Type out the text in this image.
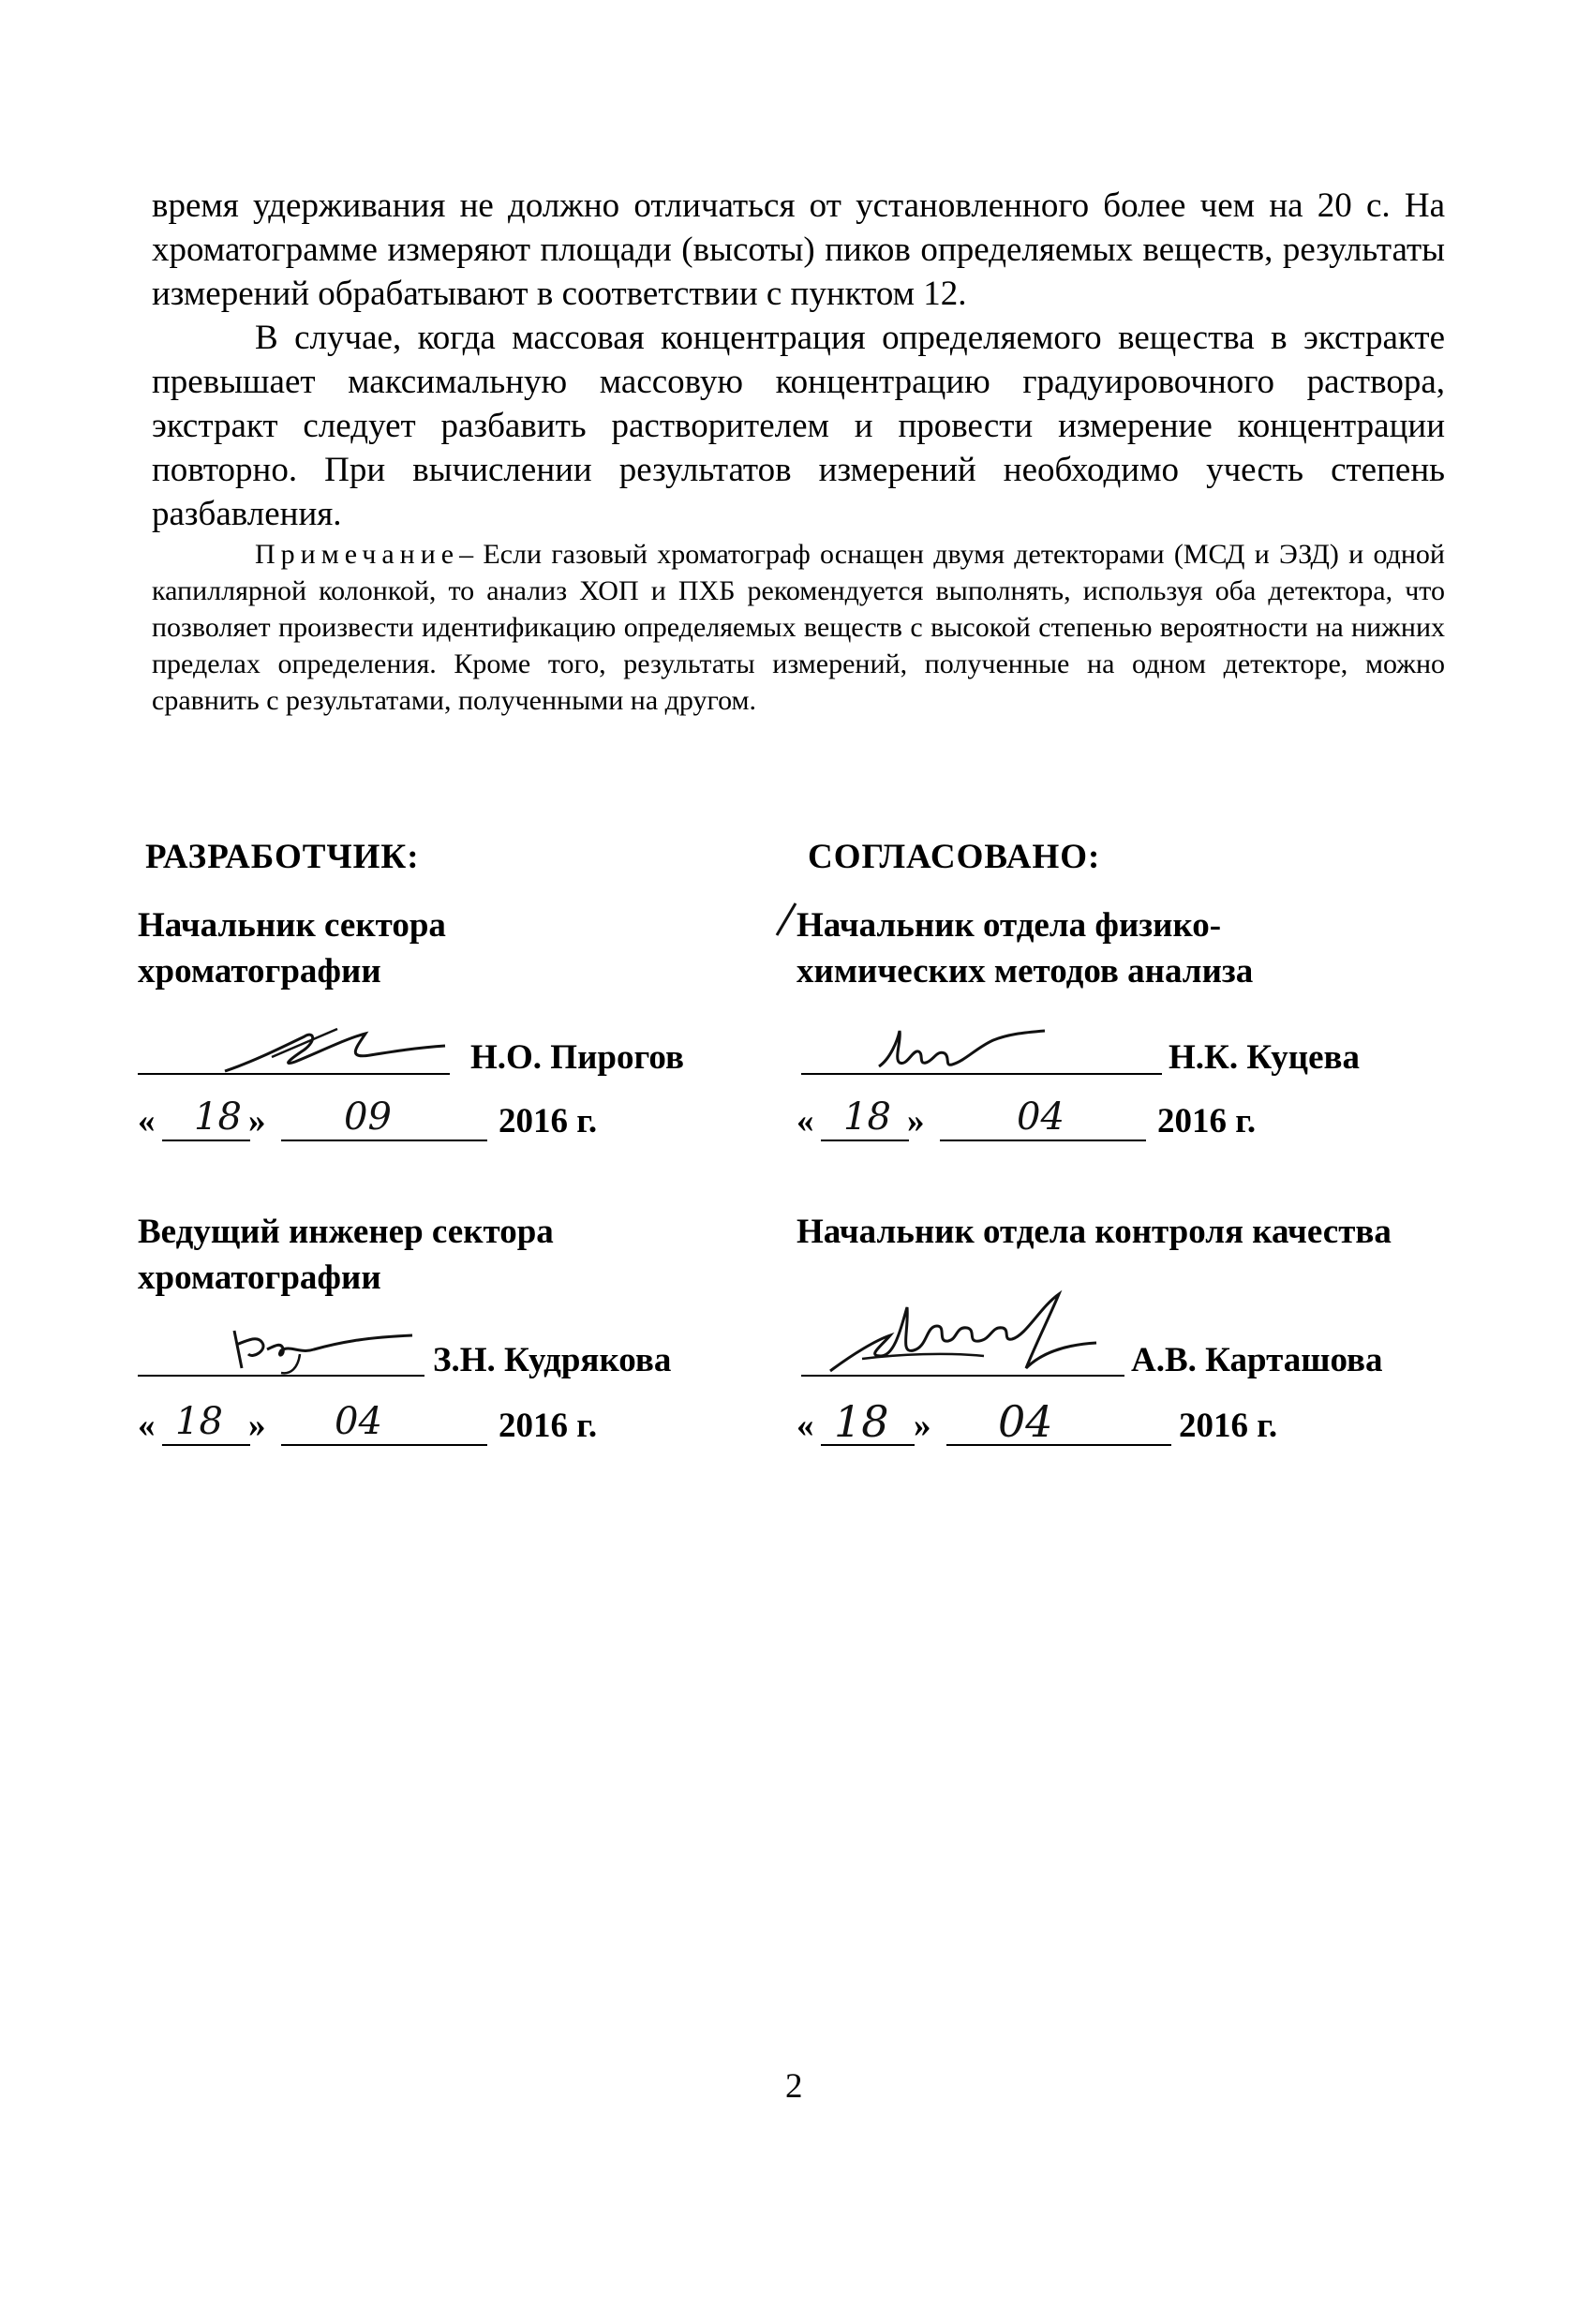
время удерживания не должно отличаться от установленного более чем на 20 с. На хроматограмме измеряют площади (высоты) пиков определяемых веществ, результаты измерений обрабатывают в соответствии с пунктом 12.

В случае, когда массовая концентрация определяемого вещества в экстракте превышает максимальную массовую концентрацию градуировочного раствора, экстракт следует разбавить растворителем и провести измерение концентрации повторно. При вычислении результатов измерений необходимо учесть степень разбавления.

Примечание– Если газовый хроматограф оснащен двумя детекторами (МСД и ЭЗД) и одной капиллярной колонкой, то анализ ХОП и ПХБ рекомендуется выполнять, используя оба детектора, что позволяет произвести идентификацию определяемых веществ с высокой степенью вероятности на нижних пределах определения. Кроме того, результаты измерений, полученные на одном детекторе, можно сравнить с результатами, полученными на другом.

РАЗРАБОТЧИК:	СОГЛАСОВАНО:
Начальник сектора
хроматографии
Н.О. Пирогов
« 18 » 09	2016 г.
Ведущий инженер сектора
хроматографии
З.Н. Кудрякова
« 18 » 04	2016 г.
Начальник отдела физико-
химических методов анализа
Н.К. Куцева
« 18 » 04	2016 г.
Начальник отдела контроля качества
А.В. Карташова
« 18 » 04	2016 г.
2
